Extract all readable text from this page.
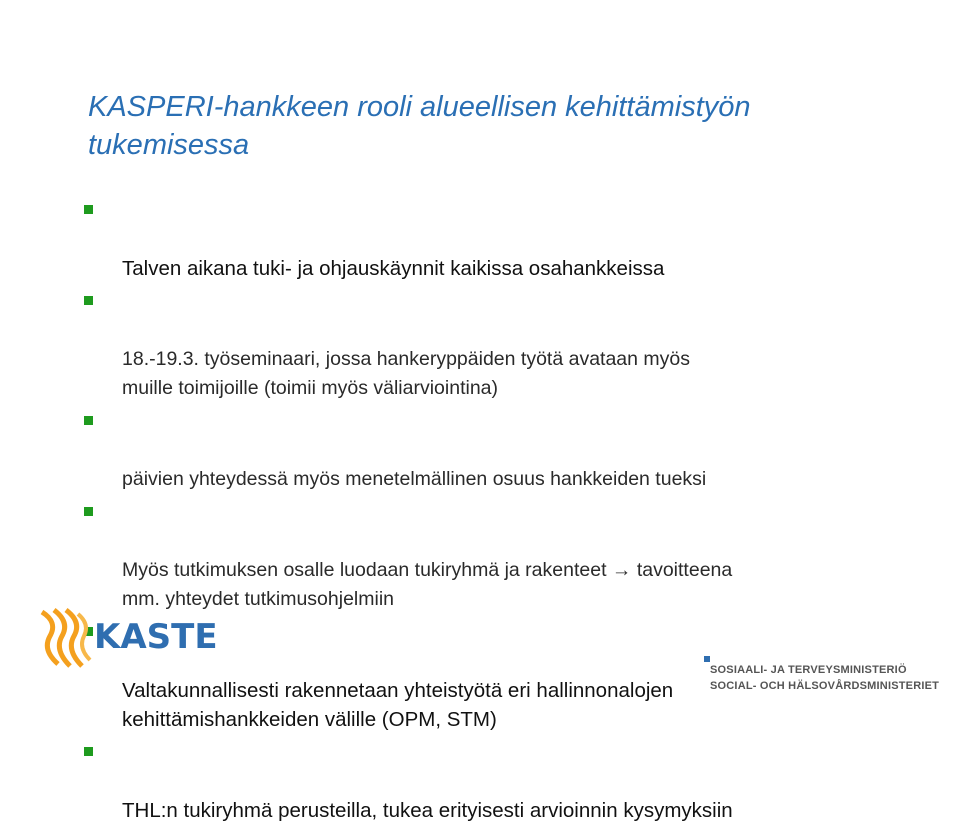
KASPERI-hankkeen rooli alueellisen kehittämistyön tukemisessa

Talven aikana tuki- ja ohjauskäynnit kaikissa osahankkeissa

18.-19.3. työseminaari, jossa hankeryppäiden työtä avataan myös
muille toimijoille (toimii myös väliarviointina)

päivien yhteydessä myös menetelmällinen osuus hankkeiden tueksi

Myös tutkimuksen osalle luodaan tukiryhmä ja rakenteet → tavoitteena
mm. yhteydet tutkimusohjelmiin

Valtakunnallisesti rakennetaan yhteistyötä eri hallinnonalojen
kehittämishankkeiden välille (OPM, STM)

THL:n tukiryhmä perusteilla, tukea erityisesti arvioinnin kysymyksiin

KASTE
SOSIAALI- JA TERVEYSMINISTERIÖ
SOCIAL- OCH HÄLSOVÅRDSMINISTERIET
